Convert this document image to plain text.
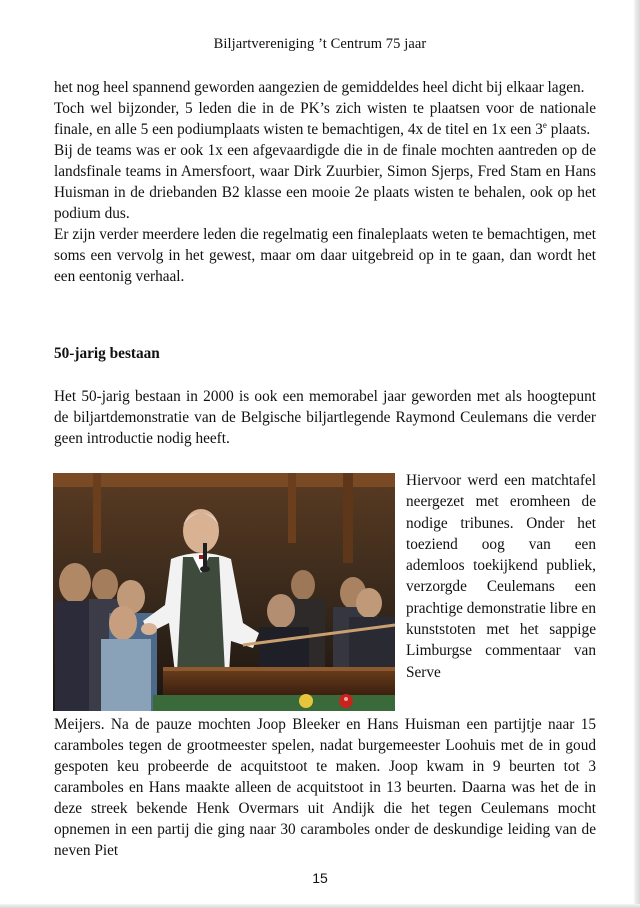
Biljartvereniging ’t Centrum 75 jaar

het nog heel spannend geworden aangezien de gemiddeldes heel dicht bij elkaar lagen.

Toch wel bijzonder, 5 leden die in de PK’s zich wisten te plaatsen voor de nationale finale, en alle 5 een podiumplaats wisten te bemachtigen, 4x de titel en 1x een 3e plaats.

Bij de teams was er ook 1x een afgevaardigde die in de finale mochten aantreden op de landsfinale teams in Amersfoort, waar Dirk Zuurbier, Simon Sjerps, Fred Stam en Hans Huisman in de driebanden B2 klasse een mooie 2e plaats wisten te behalen, ook op het podium dus.

Er zijn verder meerdere leden die regelmatig een finaleplaats weten te bemachtigen, met soms een vervolg in het gewest, maar om daar uitgebreid op in te gaan, dan wordt het een eentonig verhaal.

50-jarig bestaan

Het 50-jarig bestaan in 2000 is ook een memorabel jaar geworden met als hoogtepunt de biljartdemonstratie van de Belgische biljartlegende Raymond Ceulemans die verder geen introductie nodig heeft.

Hiervoor werd een matchtafel neergezet met eromheen de nodige tribunes. Onder het toeziend oog van een ademloos toekijkend publiek, verzorgde Ceulemans een prachtige demonstratie libre en kunststoten met het sappige Limburgse commentaar van Serve

Meijers. Na de pauze mochten Joop Bleeker en Hans Huisman een partijtje naar 15 caramboles tegen de grootmeester spelen, nadat burgemeester Loohuis met de in goud gespoten keu probeerde de acquitstoot te maken. Joop kwam in 9 beurten tot 3 caramboles en Hans maakte alleen de acquitstoot in 13 beurten. Daarna was het de in deze streek bekende Henk Overmars uit Andijk die het tegen Ceulemans mocht opnemen in een partij die ging naar 30 caramboles onder de deskundige leiding van de neven Piet

15
